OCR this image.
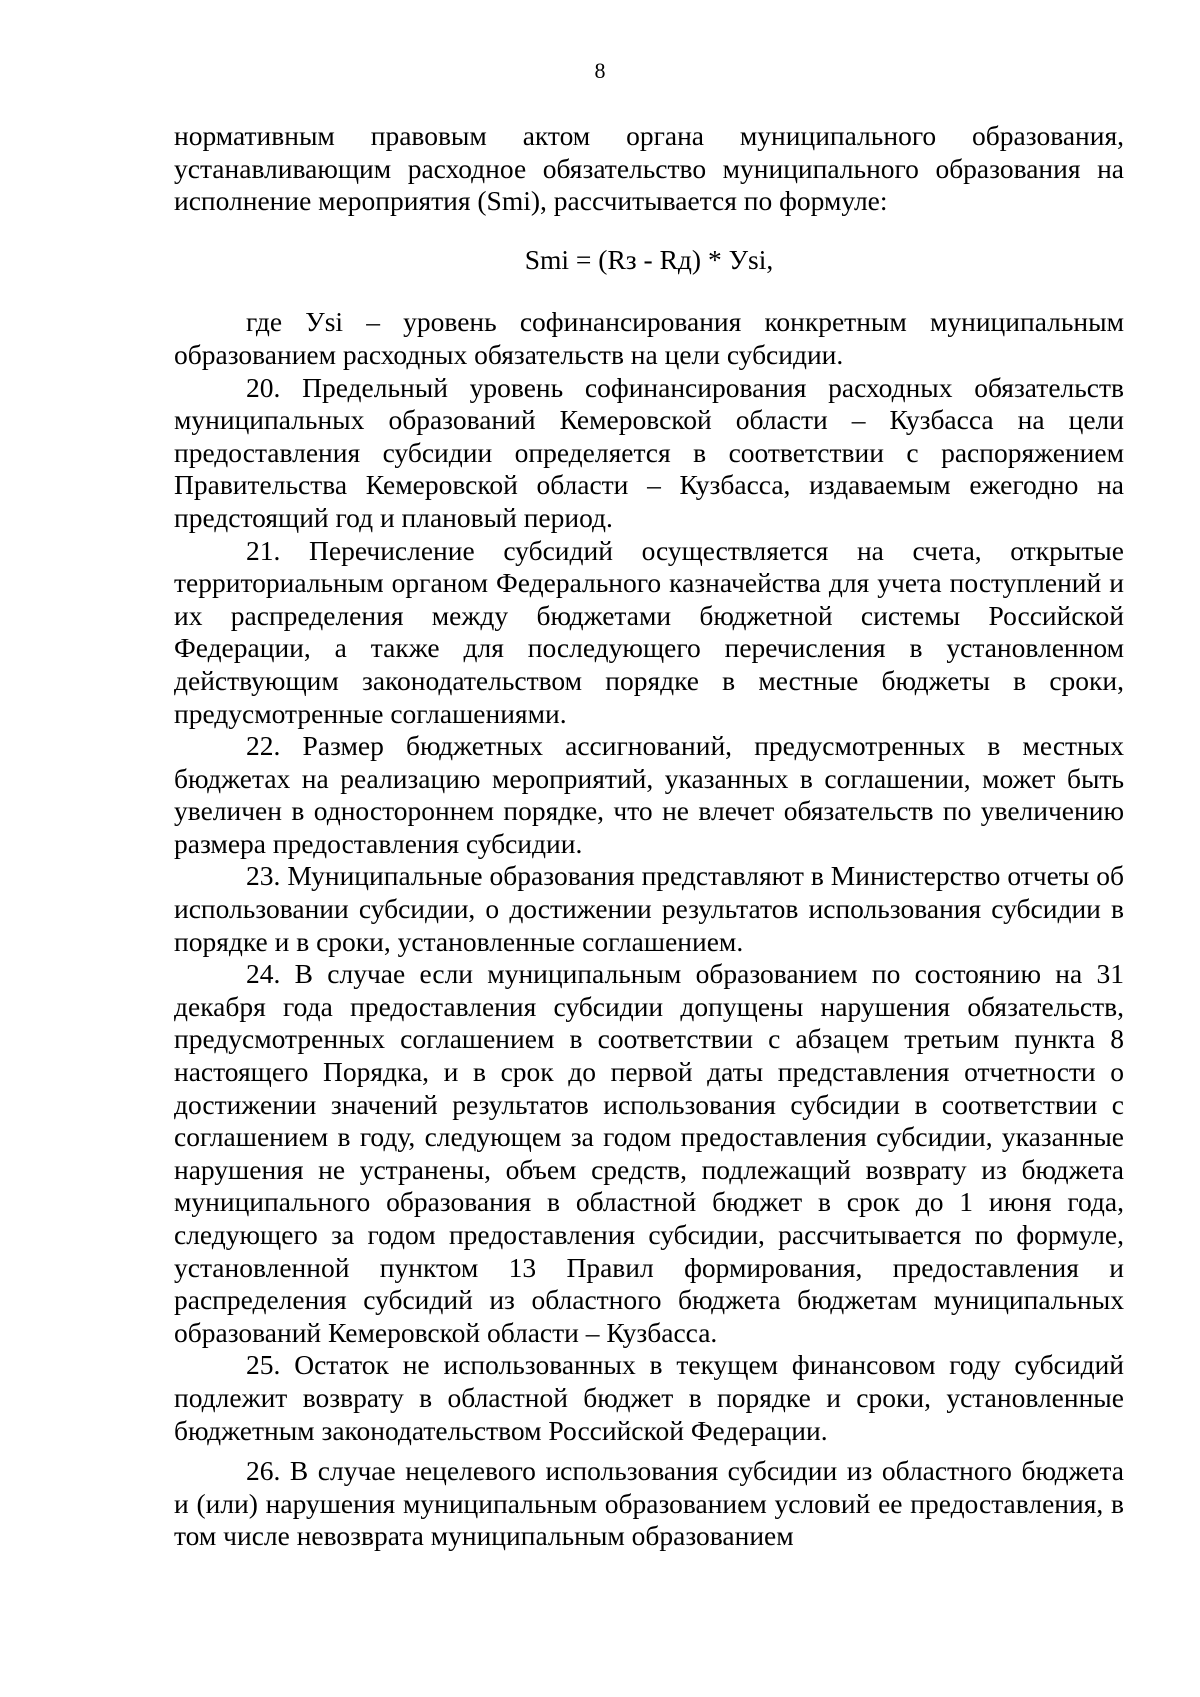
8

нормативным правовым актом органа муниципального образования, устанавливающим расходное обязательство муниципального образования на исполнение мероприятия (Smi), рассчитывается по формуле:

Smi = (Rз - Rд) * Уsi,

где Уsi – уровень софинансирования конкретным муниципальным образованием расходных обязательств на цели субсидии.

20. Предельный уровень софинансирования расходных обязательств муниципальных образований Кемеровской области – Кузбасса на цели предоставления субсидии определяется в соответствии с распоряжением Правительства Кемеровской области – Кузбасса, издаваемым ежегодно на предстоящий год и плановый период.

21. Перечисление субсидий осуществляется на счета, открытые территориальным органом Федерального казначейства для учета поступлений и их распределения между бюджетами бюджетной системы Российской Федерации, а также для последующего перечисления в установленном действующим законодательством порядке в местные бюджеты в сроки, предусмотренные соглашениями.

22. Размер бюджетных ассигнований, предусмотренных в местных бюджетах на реализацию мероприятий, указанных в соглашении, может быть увеличен в одностороннем порядке, что не влечет обязательств по увеличению размера предоставления субсидии.

23. Муниципальные образования представляют в Министерство отчеты об использовании субсидии, о достижении результатов использования субсидии в порядке и в сроки, установленные соглашением.

24. В случае если муниципальным образованием по состоянию на 31 декабря года предоставления субсидии допущены нарушения обязательств, предусмотренных соглашением в соответствии с абзацем третьим пункта 8 настоящего Порядка, и в срок до первой даты представления отчетности о достижении значений результатов использования субсидии в соответствии с соглашением в году, следующем за годом предоставления субсидии, указанные нарушения не устранены, объем средств, подлежащий возврату из бюджета муниципального образования в областной бюджет в срок до 1 июня года, следующего за годом предоставления субсидии, рассчитывается по формуле, установленной пунктом 13 Правил формирования, предоставления и распределения субсидий из областного бюджета бюджетам муниципальных образований Кемеровской области – Кузбасса.

25. Остаток не использованных в текущем финансовом году субсидий подлежит возврату в областной бюджет в порядке и сроки, установленные бюджетным законодательством Российской Федерации.

26. В случае нецелевого использования субсидии из областного бюджета и (или) нарушения муниципальным образованием условий ее предоставления, в том числе невозврата муниципальным образованием
